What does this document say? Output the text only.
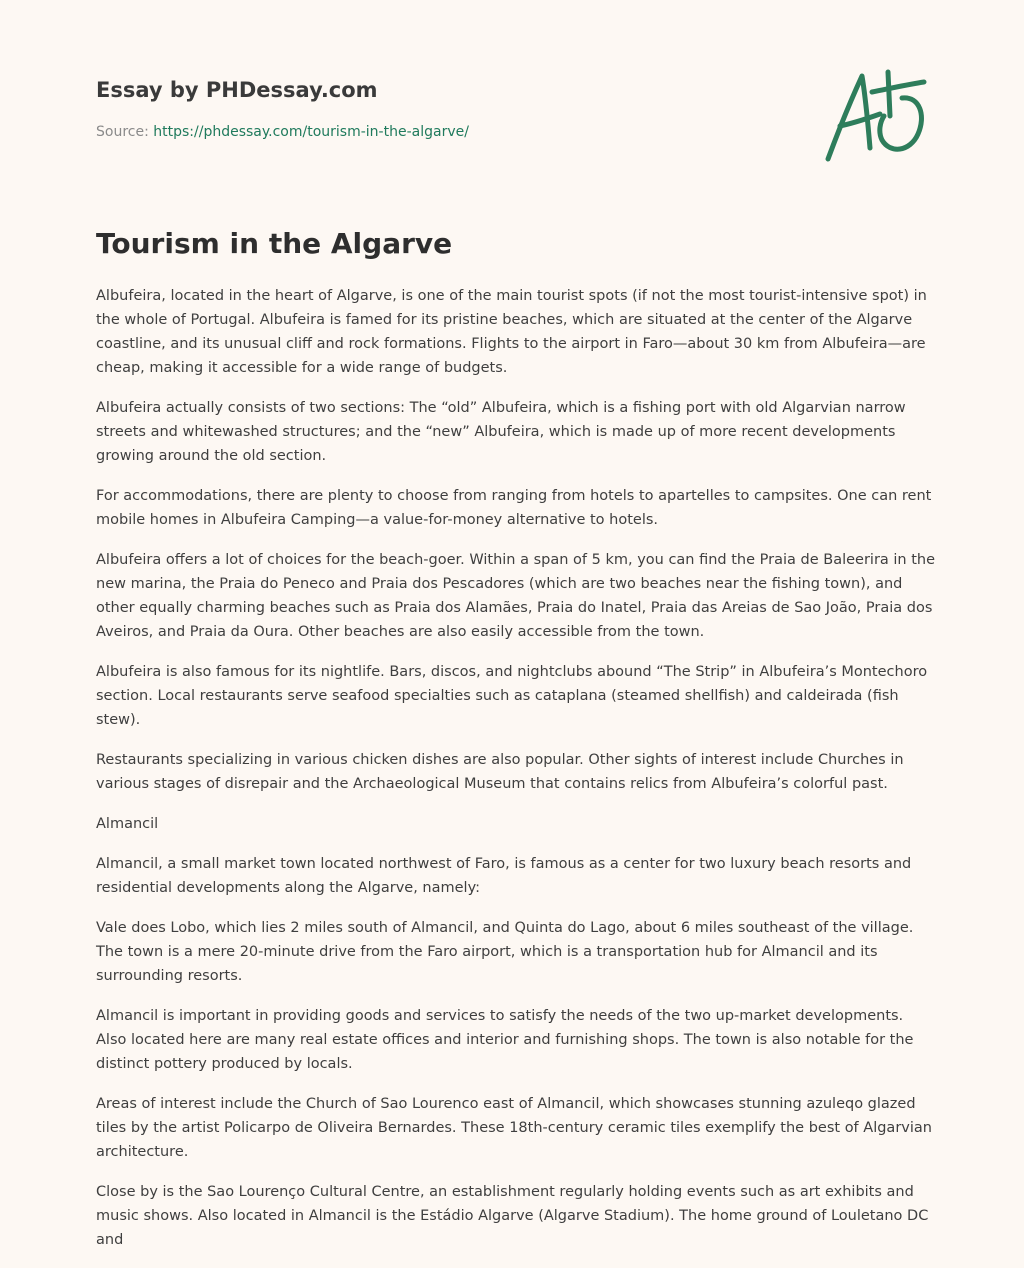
Essay by PHDessay.com
Source: https://phdessay.com/tourism-in-the-algarve/
Tourism in the Algarve

Albufeira, located in the heart of Algarve, is one of the main tourist spots (if not the most tourist-intensive spot) in the whole of Portugal. Albufeira is famed for its pristine beaches, which are situated at the center of the Algarve coastline, and its unusual cliff and rock formations. Flights to the airport in Faro—about 30 km from Albufeira—are cheap, making it accessible for a wide range of budgets.

Albufeira actually consists of two sections: The “old” Albufeira, which is a fishing port with old Algarvian narrow streets and whitewashed structures; and the “new” Albufeira, which is made up of more recent developments growing around the old section.

For accommodations, there are plenty to choose from ranging from hotels to apartelles to campsites. One can rent mobile homes in Albufeira Camping—a value-for-money alternative to hotels.

Albufeira offers a lot of choices for the beach-goer. Within a span of 5 km, you can find the Praia de Baleerira in the new marina, the Praia do Peneco and Praia dos Pescadores (which are two beaches near the fishing town), and other equally charming beaches such as Praia dos Alamães, Praia do Inatel, Praia das Areias de Sao João, Praia dos Aveiros, and Praia da Oura. Other beaches are also easily accessible from the town.

Albufeira is also famous for its nightlife. Bars, discos, and nightclubs abound “The Strip” in Albufeira’s Montechoro section. Local restaurants serve seafood specialties such as cataplana (steamed shellfish) and caldeirada (fish stew).

Restaurants specializing in various chicken dishes are also popular. Other sights of interest include Churches in various stages of disrepair and the Archaeological Museum that contains relics from Albufeira’s colorful past.

Almancil

Almancil, a small market town located northwest of Faro, is famous as a center for two luxury beach resorts and residential developments along the Algarve, namely:

Vale does Lobo, which lies 2 miles south of Almancil, and Quinta do Lago, about 6 miles southeast of the village. The town is a mere 20-minute drive from the Faro airport, which is a transportation hub for Almancil and its surrounding resorts.

Almancil is important in providing goods and services to satisfy the needs of the two up-market developments. Also located here are many real estate offices and interior and furnishing shops. The town is also notable for the distinct pottery produced by locals.

Areas of interest include the Church of Sao Lourenco east of Almancil, which showcases stunning azuleqo glazed tiles by the artist Policarpo de Oliveira Bernardes. These 18th-century ceramic tiles exemplify the best of Algarvian architecture.

Close by is the Sao Lourenço Cultural Centre, an establishment regularly holding events such as art exhibits and music shows. Also located in Almancil is the Estádio Algarve (Algarve Stadium). The home ground of Louletano DC and
